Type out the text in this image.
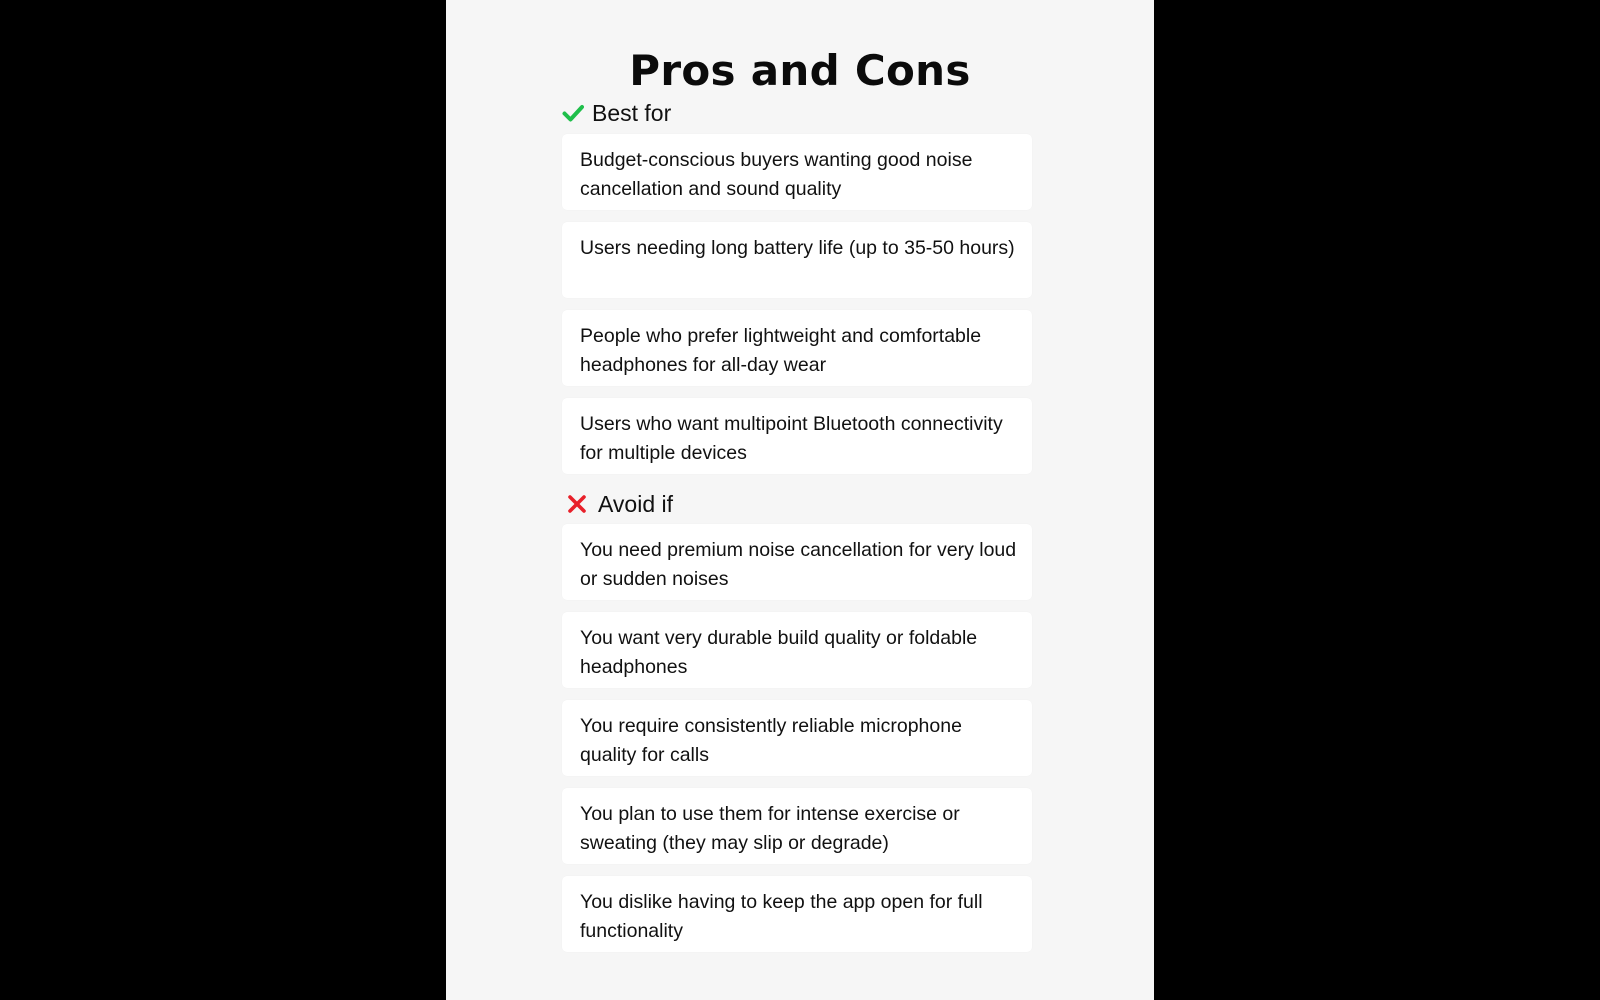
Pros and Cons
Best for
Budget-conscious buyers wanting good noise cancellation and sound quality
Users needing long battery life (up to 35-50 hours)
People who prefer lightweight and comfortable headphones for all-day wear
Users who want multipoint Bluetooth connectivity for multiple devices
Avoid if
You need premium noise cancellation for very loud or sudden noises
You want very durable build quality or foldable headphones
You require consistently reliable microphone quality for calls
You plan to use them for intense exercise or sweating (they may slip or degrade)
You dislike having to keep the app open for full functionality
